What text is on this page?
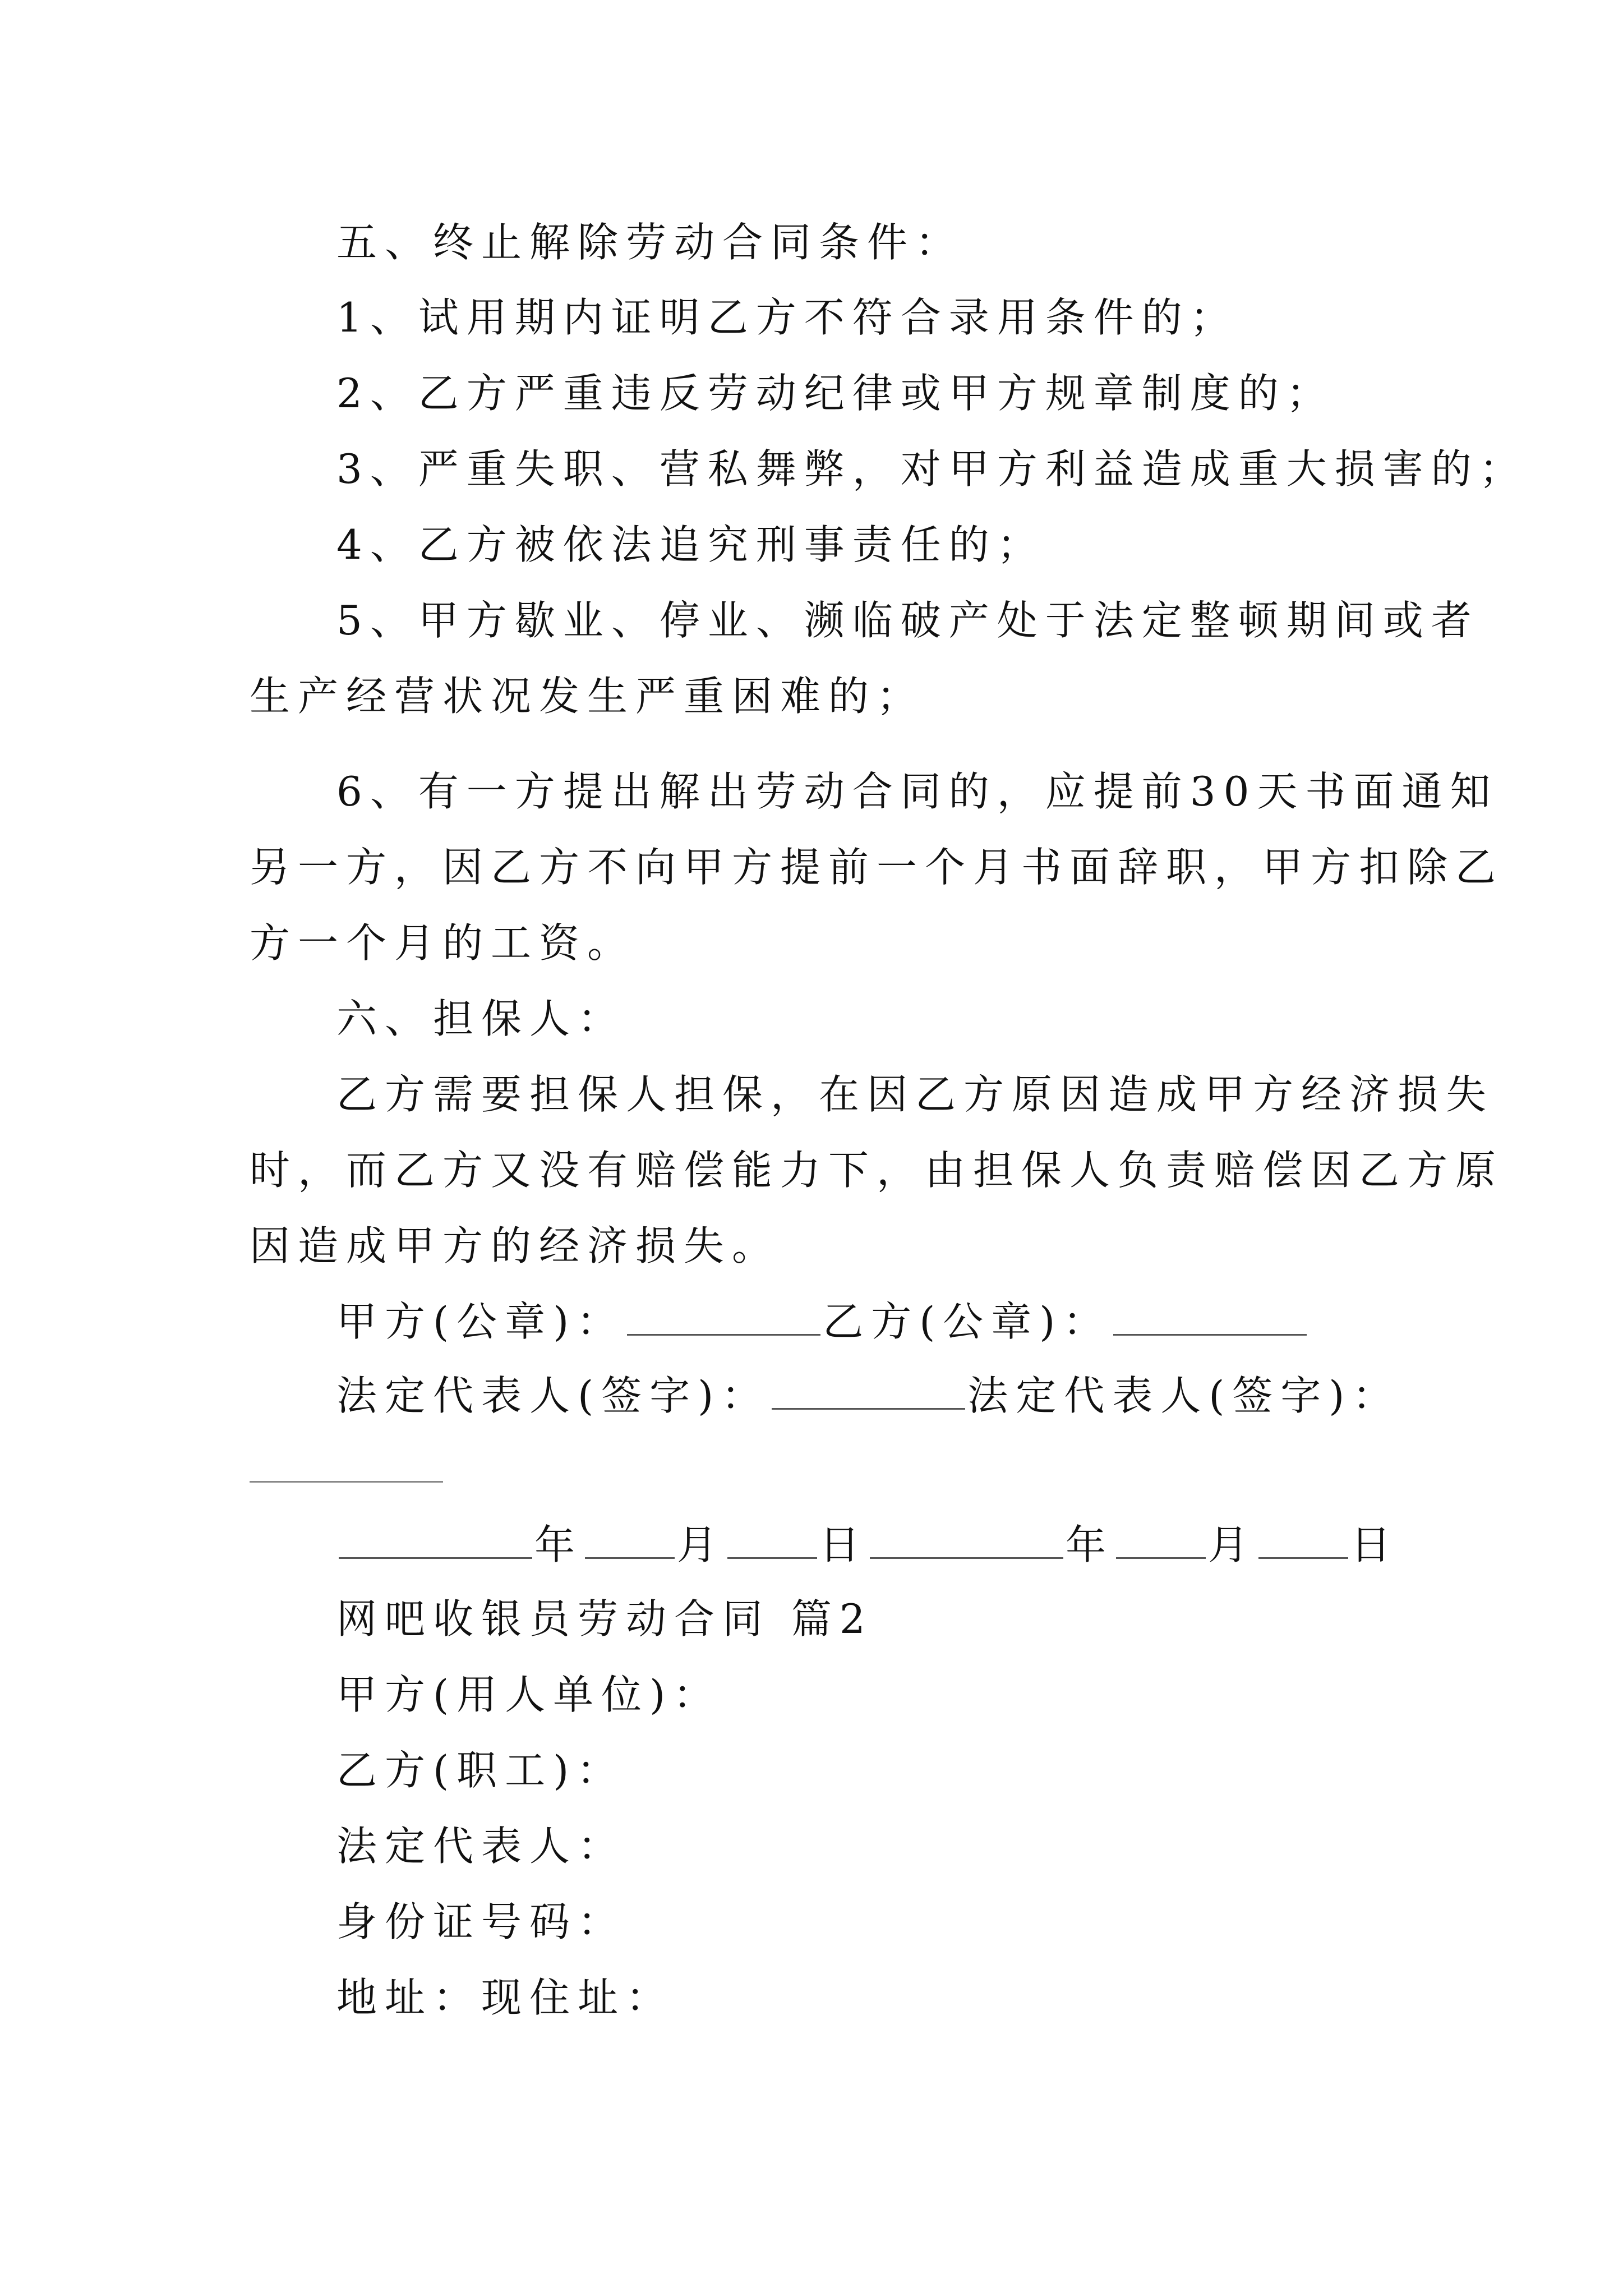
五、终止解除劳动合同条件：
1、试用期内证明乙方不符合录用条件的；
2、乙方严重违反劳动纪律或甲方规章制度的；
3、严重失职、营私舞弊，对甲方利益造成重大损害的；
4、乙方被依法追究刑事责任的；
5、甲方歇业、停业、濒临破产处于法定整顿期间或者
生产经营状况发生严重困难的；
6、有一方提出解出劳动合同的，应提前30天书面通知
另一方，因乙方不向甲方提前一个月书面辞职，甲方扣除乙
方一个月的工资。
六、担保人：
乙方需要担保人担保，在因乙方原因造成甲方经济损失
时，而乙方又没有赔偿能力下，由担保人负责赔偿因乙方原
因造成甲方的经济损失。
甲方(公章)：	乙方(公章)：
法定代表人(签字)：	法定代表人(签字)：
年 月 日	年 月 日
网吧收银员劳动合同 篇2
甲方(用人单位)：
乙方(职工)：
法定代表人：
身份证号码：
地址：现住址：
